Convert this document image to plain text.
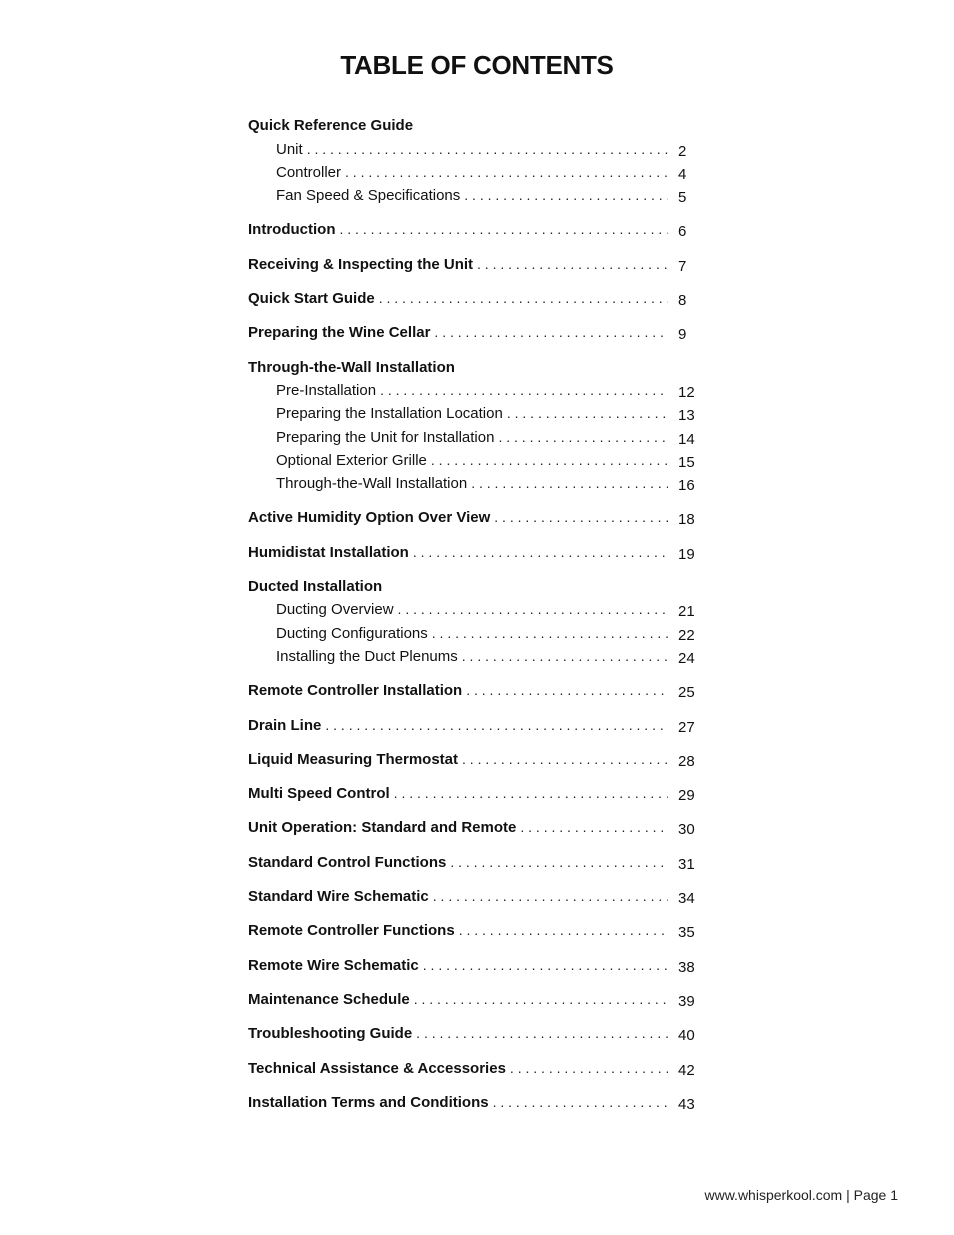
TABLE OF CONTENTS
Quick Reference Guide
Unit . . .	2
Controller . . .	4
Fan Speed & Specifications . . .	5
Introduction . . .	6
Receiving & Inspecting the Unit . . .	7
Quick Start Guide . . .	8
Preparing the Wine Cellar . . .	9
Through-the-Wall Installation
Pre-Installation . . .	12
Preparing the Installation Location . . .	13
Preparing the Unit for Installation . . .	14
Optional Exterior Grille . . .	15
Through-the-Wall Installation . . .	16
Active Humidity Option Over View . . .	18
Humidistat Installation . . .	19
Ducted Installation
Ducting Overview . . .	21
Ducting Configurations . . .	22
Installing the Duct Plenums . . .	24
Remote Controller Installation . . .	25
Drain Line . . .	27
Liquid Measuring Thermostat . . .	28
Multi Speed Control . . .	29
Unit Operation: Standard and Remote . . .	30
Standard Control Functions . . .	31
Standard Wire Schematic . . .	34
Remote Controller Functions . . .	35
Remote Wire Schematic . . .	38
Maintenance Schedule . . .	39
Troubleshooting Guide . . .	40
Technical Assistance & Accessories . . .	42
Installation Terms and Conditions . . .	43
www.whisperkool.com | Page 1
